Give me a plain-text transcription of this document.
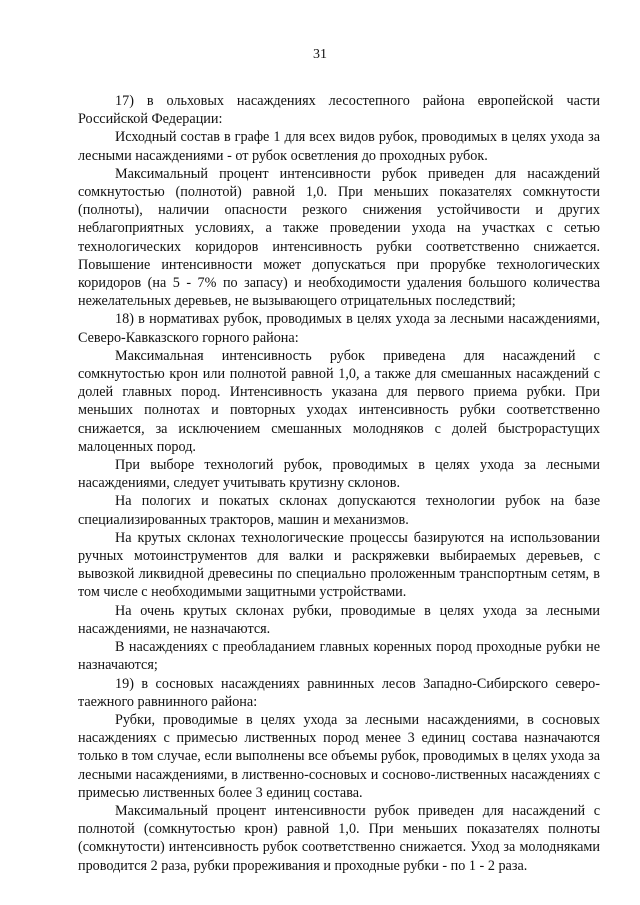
31

17) в ольховых насаждениях лесостепного района европейской части Российской Федерации:

Исходный состав в графе 1 для всех видов рубок, проводимых в целях ухода за лесными насаждениями - от рубок осветления до проходных рубок.

Максимальный процент интенсивности рубок приведен для насаждений сомкнутостью (полнотой) равной 1,0. При меньших показателях сомкнутости (полноты), наличии опасности резкого снижения устойчивости и других неблагоприятных условиях, а также проведении ухода на участках с сетью технологических коридоров интенсивность рубки соответственно снижается. Повышение интенсивности может допускаться при прорубке технологических коридоров (на 5 - 7% по запасу) и необходимости удаления большого количества нежелательных деревьев, не вызывающего отрицательных последствий;

18) в нормативах рубок, проводимых в целях ухода за лесными насаждениями, Северо-Кавказского горного района:

Максимальная интенсивность рубок приведена для насаждений с сомкнутостью крон или полнотой равной 1,0, а также для смешанных насаждений с долей главных пород. Интенсивность указана для первого приема рубки. При меньших полнотах и повторных уходах интенсивность рубки соответственно снижается, за исключением смешанных молодняков с долей быстрорастущих малоценных пород.

При выборе технологий рубок, проводимых в целях ухода за лесными насаждениями, следует учитывать крутизну склонов.

На пологих и покатых склонах допускаются технологии рубок на базе специализированных тракторов, машин и механизмов.

На крутых склонах технологические процессы базируются на использовании ручных мотоинструментов для валки и раскряжевки выбираемых деревьев, с вывозкой ликвидной древесины по специально проложенным транспортным сетям, в том числе с необходимыми защитными устройствами.

На очень крутых склонах рубки, проводимые в целях ухода за лесными насаждениями, не назначаются.

В насаждениях с преобладанием главных коренных пород проходные рубки не назначаются;

19) в сосновых насаждениях равнинных лесов Западно-Сибирского северо-таежного равнинного района:

Рубки, проводимые в целях ухода за лесными насаждениями, в сосновых насаждениях с примесью лиственных пород менее 3 единиц состава назначаются только в том случае, если выполнены все объемы рубок, проводимых в целях ухода за лесными насаждениями, в лиственно-сосновых и сосново-лиственных насаждениях с примесью лиственных более 3 единиц состава.

Максимальный процент интенсивности рубок приведен для насаждений с полнотой (сомкнутостью крон) равной 1,0. При меньших показателях полноты (сомкнутости) интенсивность рубок соответственно снижается. Уход за молодняками проводится 2 раза, рубки прореживания и проходные рубки - по 1 - 2 раза.
